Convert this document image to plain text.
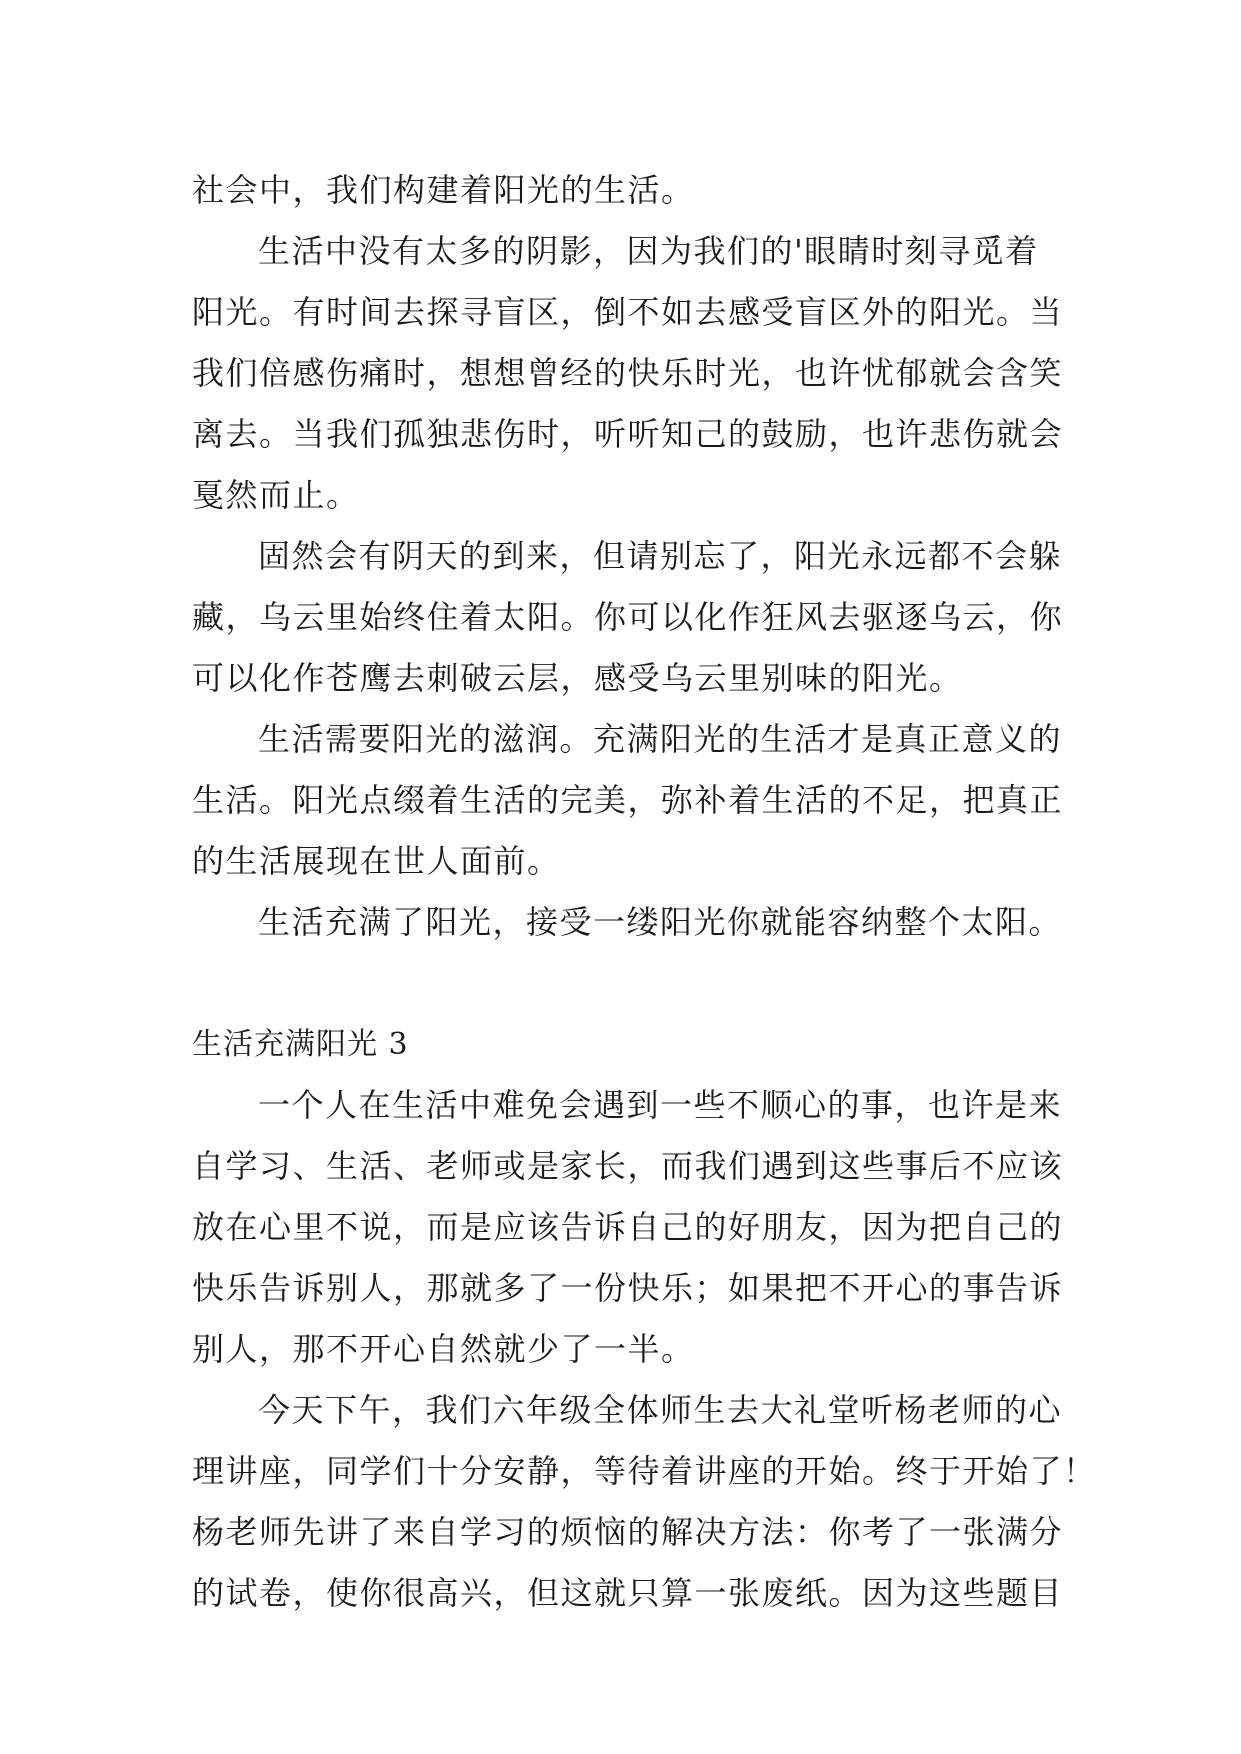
社会中，我们构建着阳光的生活。

生活中没有太多的阴影，因为我们的'眼睛时刻寻觅着

阳光。有时间去探寻盲区，倒不如去感受盲区外的阳光。当

我们倍感伤痛时，想想曾经的快乐时光，也许忧郁就会含笑

离去。当我们孤独悲伤时，听听知己的鼓励，也许悲伤就会

戛然而止。

固然会有阴天的到来，但请别忘了，阳光永远都不会躲

藏，乌云里始终住着太阳。你可以化作狂风去驱逐乌云，你

可以化作苍鹰去刺破云层，感受乌云里别味的阳光。

生活需要阳光的滋润。充满阳光的生活才是真正意义的

生活。阳光点缀着生活的完美，弥补着生活的不足，把真正

的生活展现在世人面前。

生活充满了阳光，接受一缕阳光你就能容纳整个太阳。

生活充满阳光 3

一个人在生活中难免会遇到一些不顺心的事，也许是来

自学习、生活、老师或是家长，而我们遇到这些事后不应该

放在心里不说，而是应该告诉自己的好朋友，因为把自己的

快乐告诉别人，那就多了一份快乐；如果把不开心的事告诉

别人，那不开心自然就少了一半。

今天下午，我们六年级全体师生去大礼堂听杨老师的心

理讲座，同学们十分安静，等待着讲座的开始。终于开始了！

杨老师先讲了来自学习的烦恼的解决方法：你考了一张满分

的试卷，使你很高兴，但这就只算一张废纸。因为这些题目
